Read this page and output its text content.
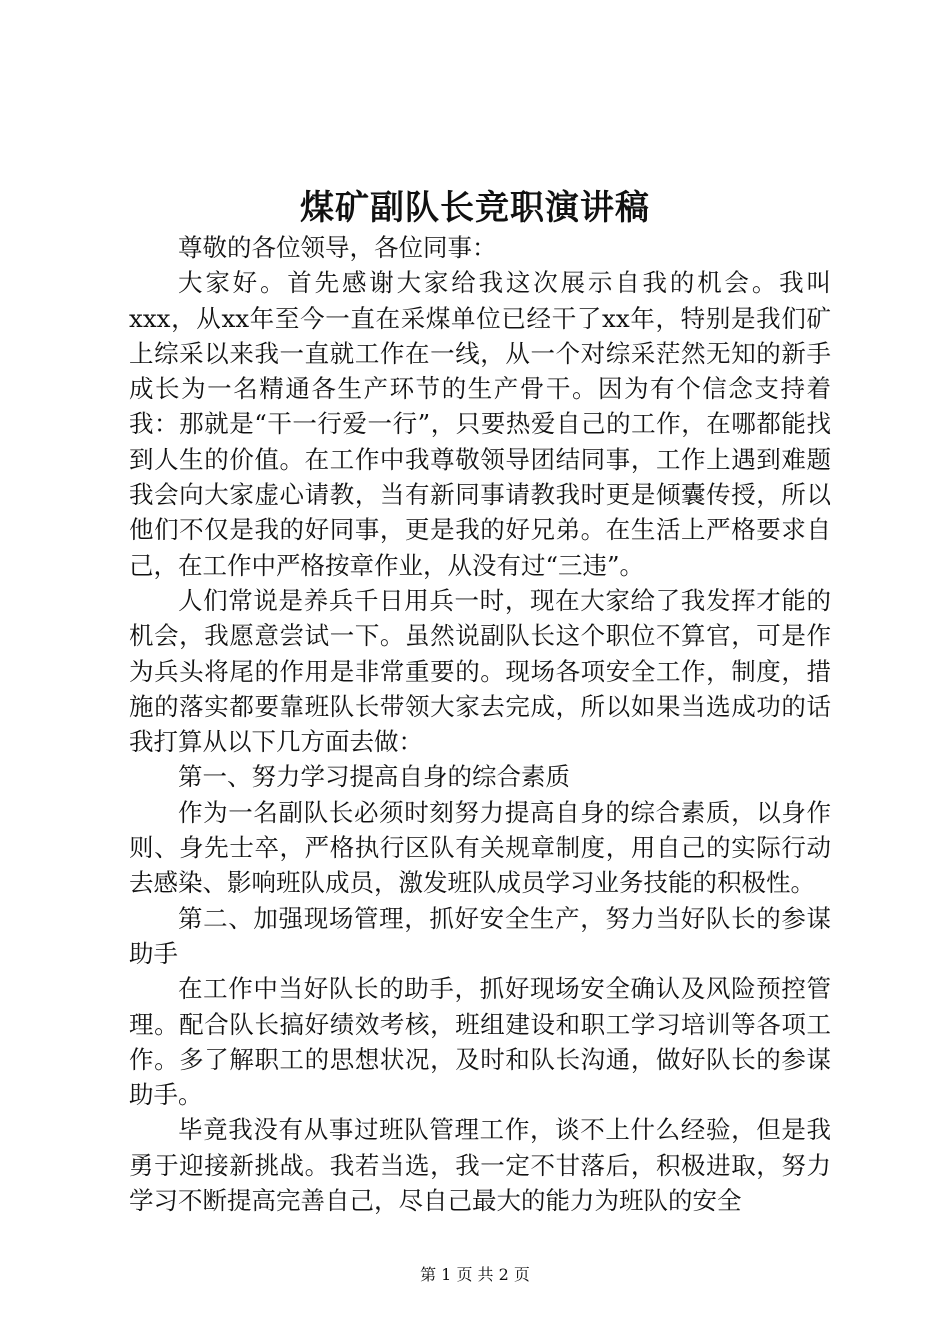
煤矿副队长竞职演讲稿

尊敬的各位领导，各位同事：

大家好。首先感谢大家给我这次展示自我的机会。我叫xxx，从xx年至今一直在采煤单位已经干了xx年，特别是我们矿上综采以来我一直就工作在一线，从一个对综采茫然无知的新手成长为一名精通各生产环节的生产骨干。因为有个信念支持着我：那就是“干一行爱一行”，只要热爱自己的工作，在哪都能找到人生的价值。在工作中我尊敬领导团结同事，工作上遇到难题我会向大家虚心请教，当有新同事请教我时更是倾囊传授，所以他们不仅是我的好同事，更是我的好兄弟。在生活上严格要求自己，在工作中严格按章作业，从没有过“三违”。

人们常说是养兵千日用兵一时，现在大家给了我发挥才能的机会，我愿意尝试一下。虽然说副队长这个职位不算官，可是作为兵头将尾的作用是非常重要的。现场各项安全工作，制度，措施的落实都要靠班队长带领大家去完成，所以如果当选成功的话我打算从以下几方面去做：

第一、努力学习提高自身的综合素质

作为一名副队长必须时刻努力提高自身的综合素质，以身作则、身先士卒，严格执行区队有关规章制度，用自己的实际行动去感染、影响班队成员，激发班队成员学习业务技能的积极性。

第二、加强现场管理，抓好安全生产，努力当好队长的参谋助手

在工作中当好队长的助手，抓好现场安全确认及风险预控管理。配合队长搞好绩效考核，班组建设和职工学习培训等各项工作。多了解职工的思想状况，及时和队长沟通，做好队长的参谋助手。

毕竟我没有从事过班队管理工作，谈不上什么经验，但是我勇于迎接新挑战。我若当选，我一定不甘落后，积极进取，努力学习不断提高完善自己，尽自己最大的能力为班队的安全

第 1 页 共 2 页
